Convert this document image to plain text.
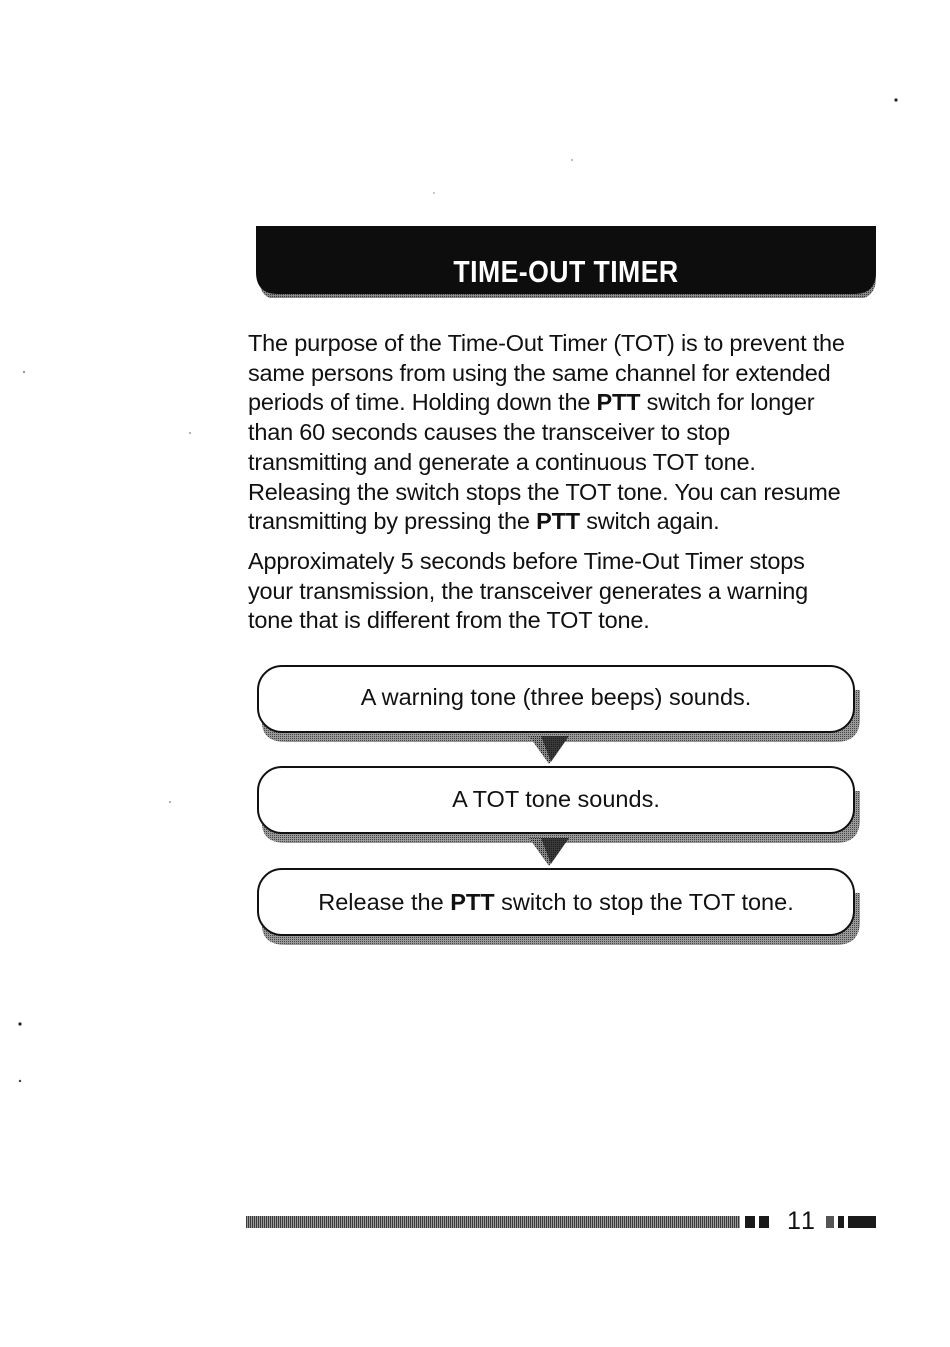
TIME-OUT TIMER

The purpose of the Time-Out Timer (TOT) is to prevent the
same persons from using the same channel for extended
periods of time. Holding down the PTT switch for longer
than 60 seconds causes the transceiver to stop
transmitting and generate a continuous TOT tone.
Releasing the switch stops the TOT tone. You can resume
transmitting by pressing the PTT switch again.

Approximately 5 seconds before Time-Out Timer stops
your transmission, the transceiver generates a warning
tone that is different from the TOT tone.

A warning tone (three beeps) sounds.
A TOT tone sounds.
Release the PTT switch to stop the TOT tone.
11
